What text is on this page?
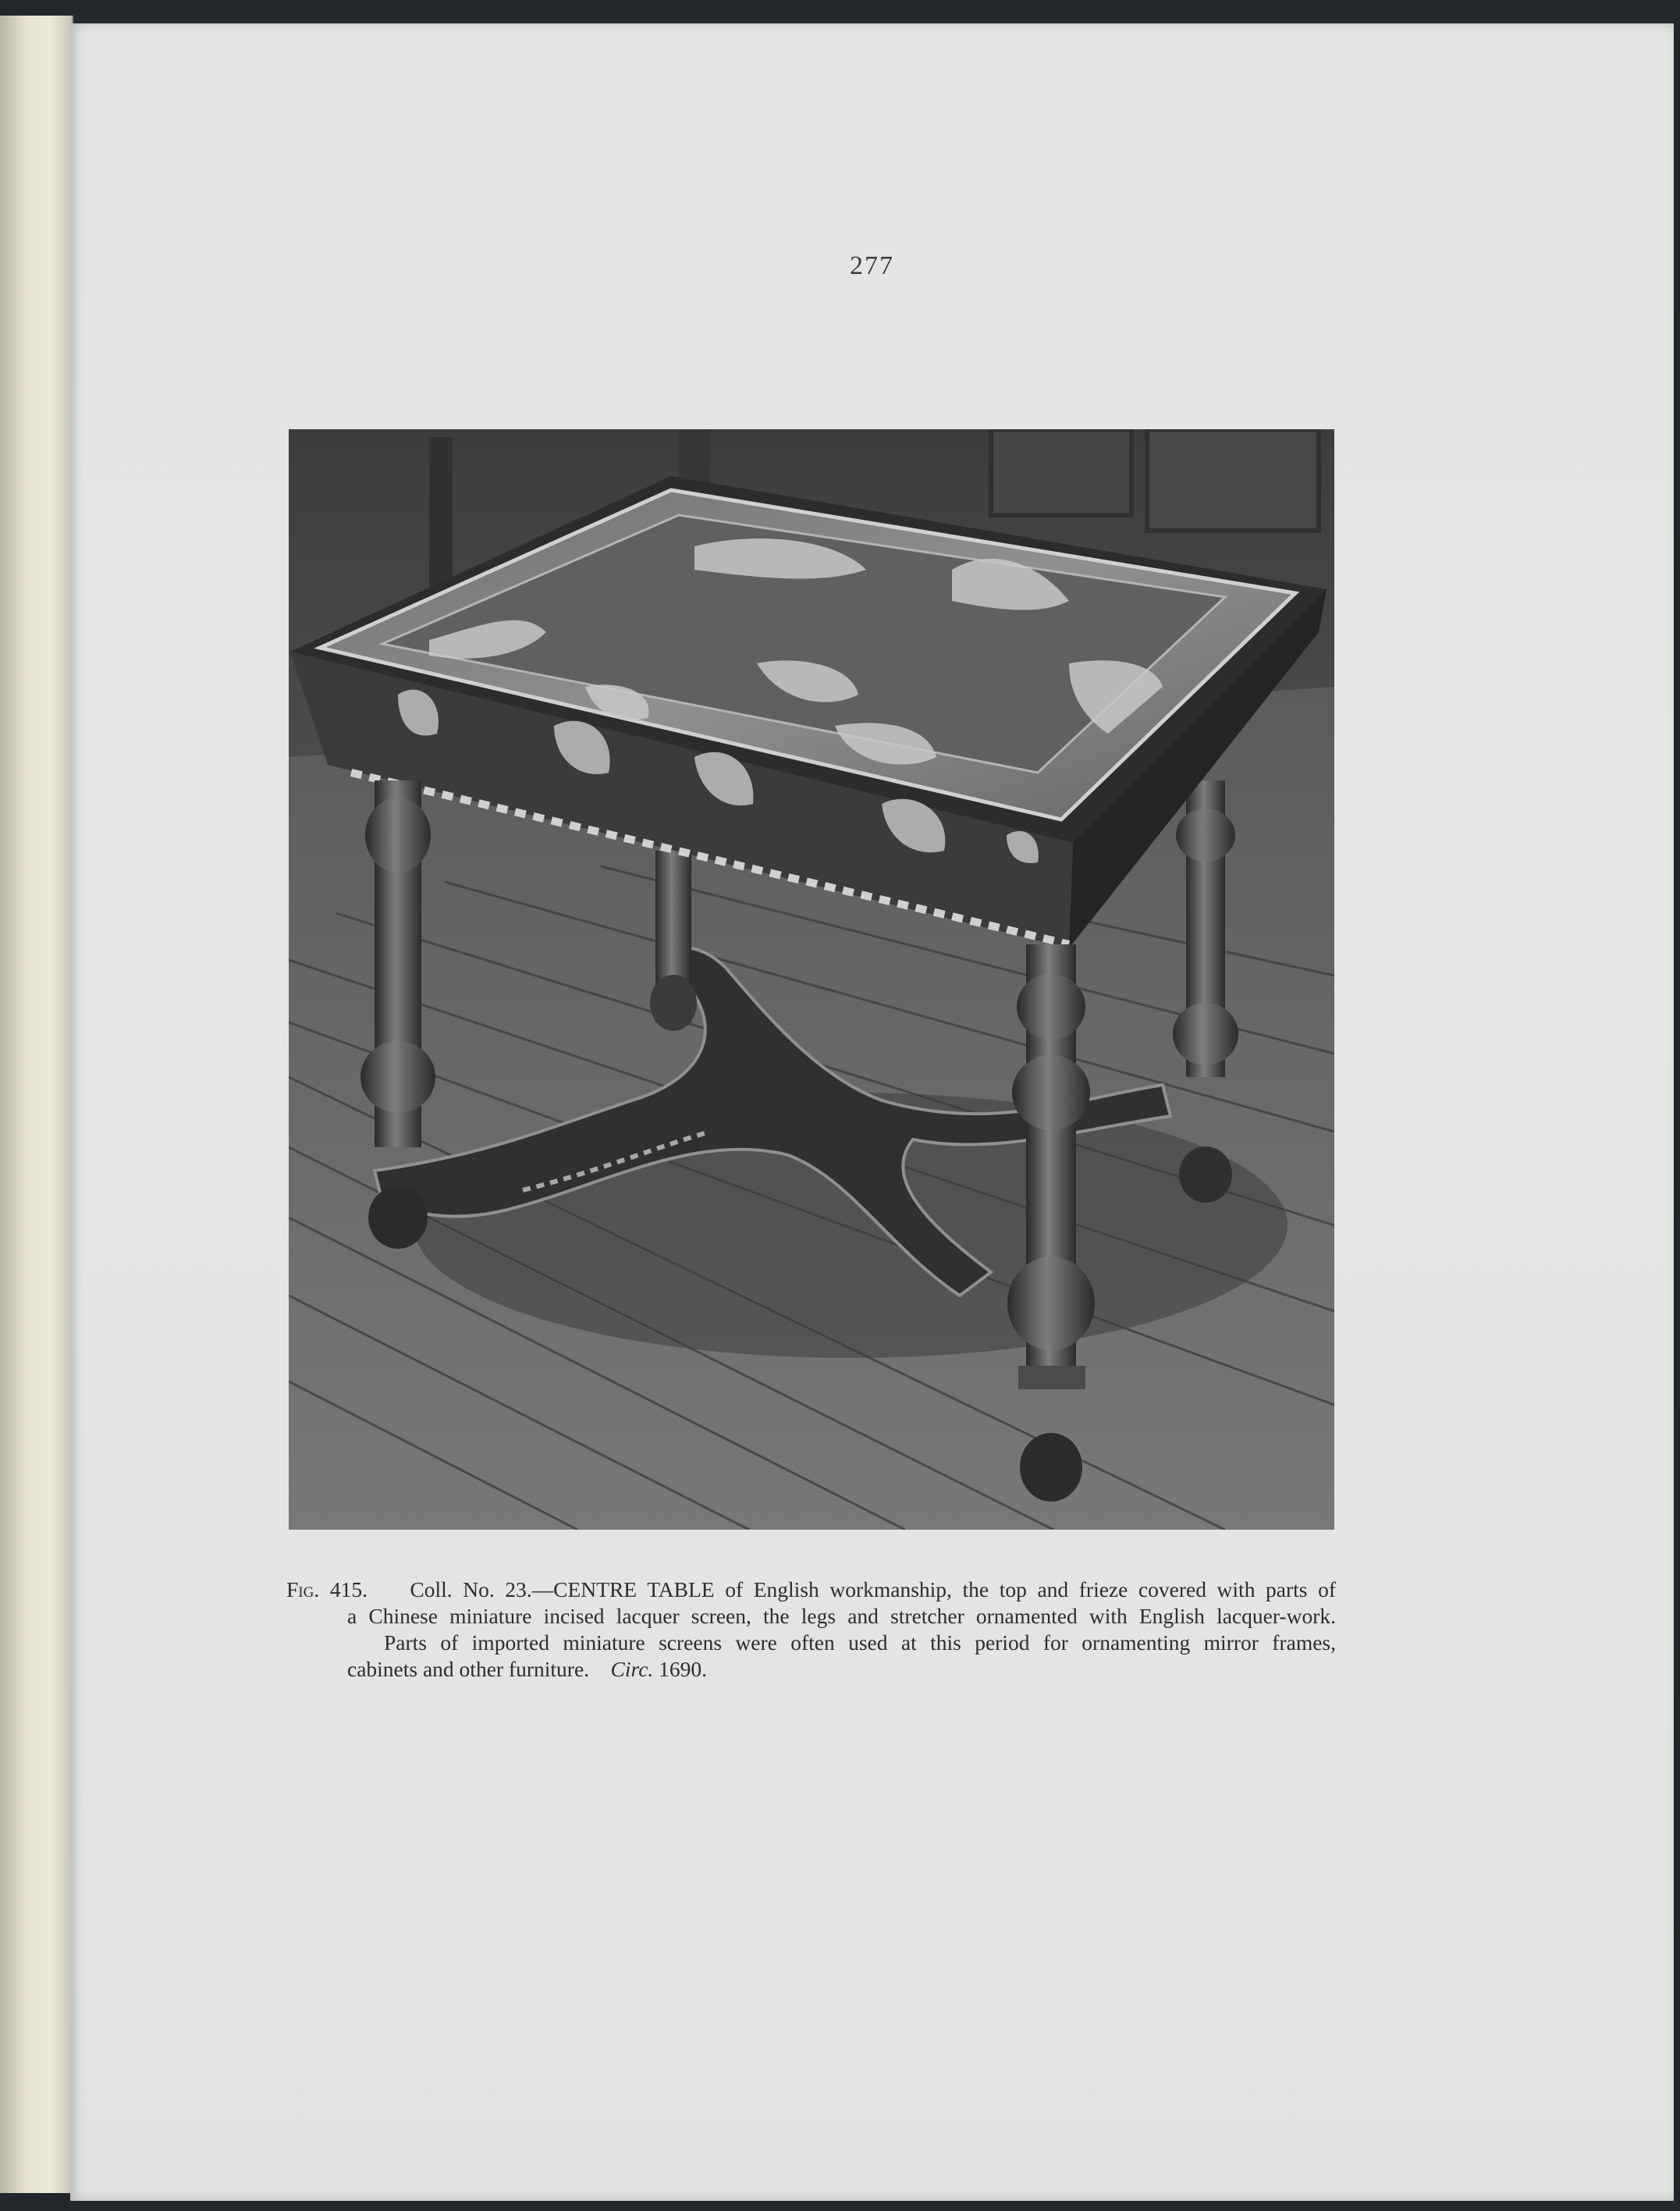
277
Fig. 415. Coll. No. 23.—CENTRE TABLE of English workmanship, the top and frieze covered with parts of
a Chinese miniature incised lacquer screen, the legs and stretcher ornamented with English lacquer-work.
Parts of imported miniature screens were often used at this period for ornamenting mirror frames,
cabinets and other furniture. Circ. 1690.
